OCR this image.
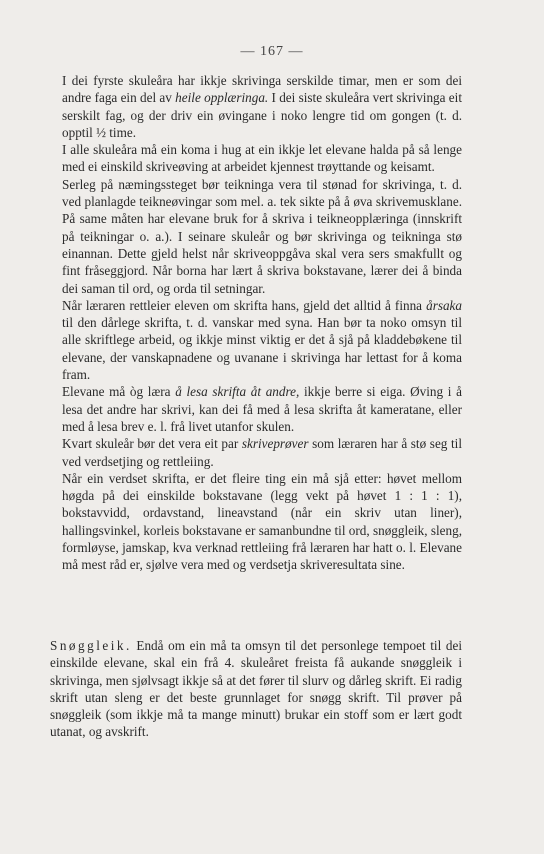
— 167 —

I dei fyrste skuleåra har ikkje skrivinga serskilde timar, men er som dei andre faga ein del av heile opplæringa. I dei siste skuleåra vert skrivinga eit serskilt fag, og der driv ein øvingane i noko lengre tid om gongen (t. d. opptil ½ time.

I alle skuleåra må ein koma i hug at ein ikkje let elevane halda på så lenge med ei einskild skriveøving at arbeidet kjennest trøyttande og keisamt.

Serleg på næmingssteget bør teikninga vera til stønad for skrivinga, t. d. ved planlagde teikneøvingar som mel. a. tek sikte på å øva skrivemusklane. På same måten har elevane bruk for å skriva i teikneopplæringa (innskrift på teikningar o. a.). I seinare skuleår og bør skrivinga og teikninga stø einannan. Dette gjeld helst når skriveoppgåva skal vera sers smakfullt og fint fråseggjord. Når borna har lært å skriva bokstavane, lærer dei å binda dei saman til ord, og orda til setningar.

Når læraren rettleier eleven om skrifta hans, gjeld det alltid å finna årsaka til den dårlege skrifta, t. d. vanskar med syna. Han bør ta noko omsyn til alle skriftlege arbeid, og ikkje minst viktig er det å sjå på kladdebøkene til elevane, der vanskapnadene og uvanane i skrivinga har lettast for å koma fram.

Elevane må òg læra å lesa skrifta åt andre, ikkje berre si eiga. Øving i å lesa det andre har skrivi, kan dei få med å lesa skrifta åt kameratane, eller med å lesa brev e. l. frå livet utanfor skulen.

Kvart skuleår bør det vera eit par skriveprøver som læraren har å stø seg til ved verdsetjing og rettleiing.

Når ein verdset skrifta, er det fleire ting ein må sjå etter: høvet mellom høgda på dei einskilde bokstavane (legg vekt på høvet 1 : 1 : 1), bokstavvidd, ordavstand, lineavstand (når ein skriv utan liner), hallingsvinkel, korleis bokstavane er samanbundne til ord, snøggleik, sleng, formløyse, jamskap, kva verknad rettleiing frå læraren har hatt o. l. Elevane må mest råd er, sjølve vera med og verdsetja skriveresultata sine.

Snøggleik. Endå om ein må ta omsyn til det personlege tempoet til dei einskilde elevane, skal ein frå 4. skuleåret freista få aukande snøggleik i skrivinga, men sjølvsagt ikkje så at det fører til slurv og dårleg skrift. Ei radig skrift utan sleng er det beste grunnlaget for snøgg skrift. Til prøver på snøggleik (som ikkje må ta mange minutt) brukar ein stoff som er lært godt utanat, og avskrift.
